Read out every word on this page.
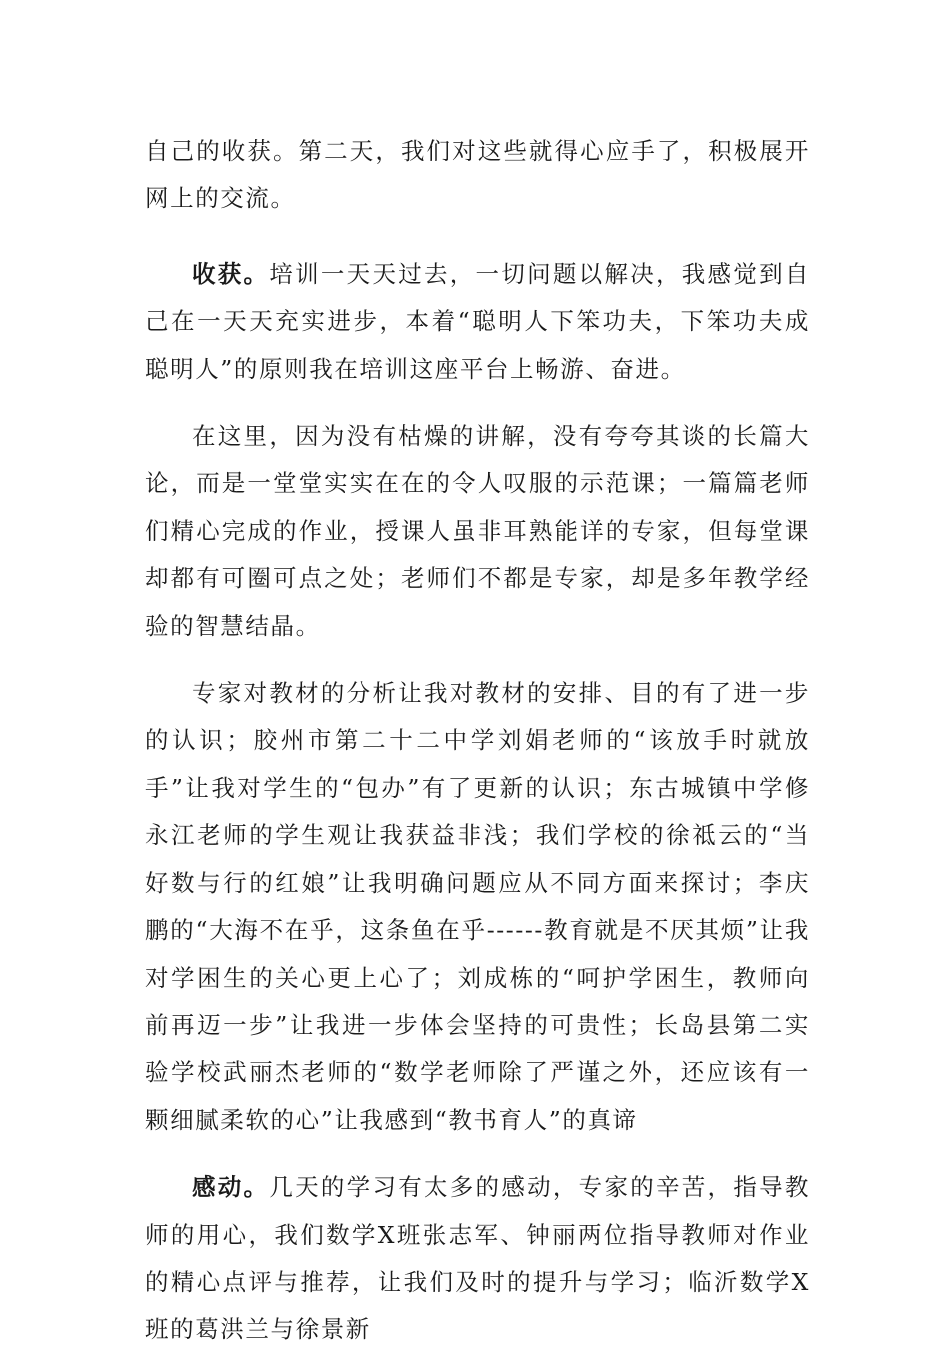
自己的收获。第二天，我们对这些就得心应手了，积极展开网上的交流。

收获。培训一天天过去，一切问题以解决，我感觉到自己在一天天充实进步，本着“聪明人下笨功夫，下笨功夫成聪明人”的原则我在培训这座平台上畅游、奋进。

在这里，因为没有枯燥的讲解，没有夸夸其谈的长篇大论，而是一堂堂实实在在的令人叹服的示范课；一篇篇老师们精心完成的作业，授课人虽非耳熟能详的专家，但每堂课却都有可圈可点之处；老师们不都是专家，却是多年教学经验的智慧结晶。

专家对教材的分析让我对教材的安排、目的有了进一步的认识；胶州市第二十二中学刘娟老师的“该放手时就放手”让我对学生的“包办”有了更新的认识；东古城镇中学修永江老师的学生观让我获益非浅；我们学校的徐祗云的“当好数与行的红娘”让我明确问题应从不同方面来探讨；李庆鹏的“大海不在乎，这条鱼在乎------教育就是不厌其烦”让我对学困生的关心更上心了；刘成栋的“呵护学困生，教师向前再迈一步”让我进一步体会坚持的可贵性；长岛县第二实验学校武丽杰老师的“数学老师除了严谨之外，还应该有一颗细腻柔软的心”让我感到“教书育人”的真谛

感动。几天的学习有太多的感动，专家的辛苦，指导教师的用心，我们数学X班张志军、钟丽两位指导教师对作业的精心点评与推荐，让我们及时的提升与学习；临沂数学X班的葛洪兰与徐景新
